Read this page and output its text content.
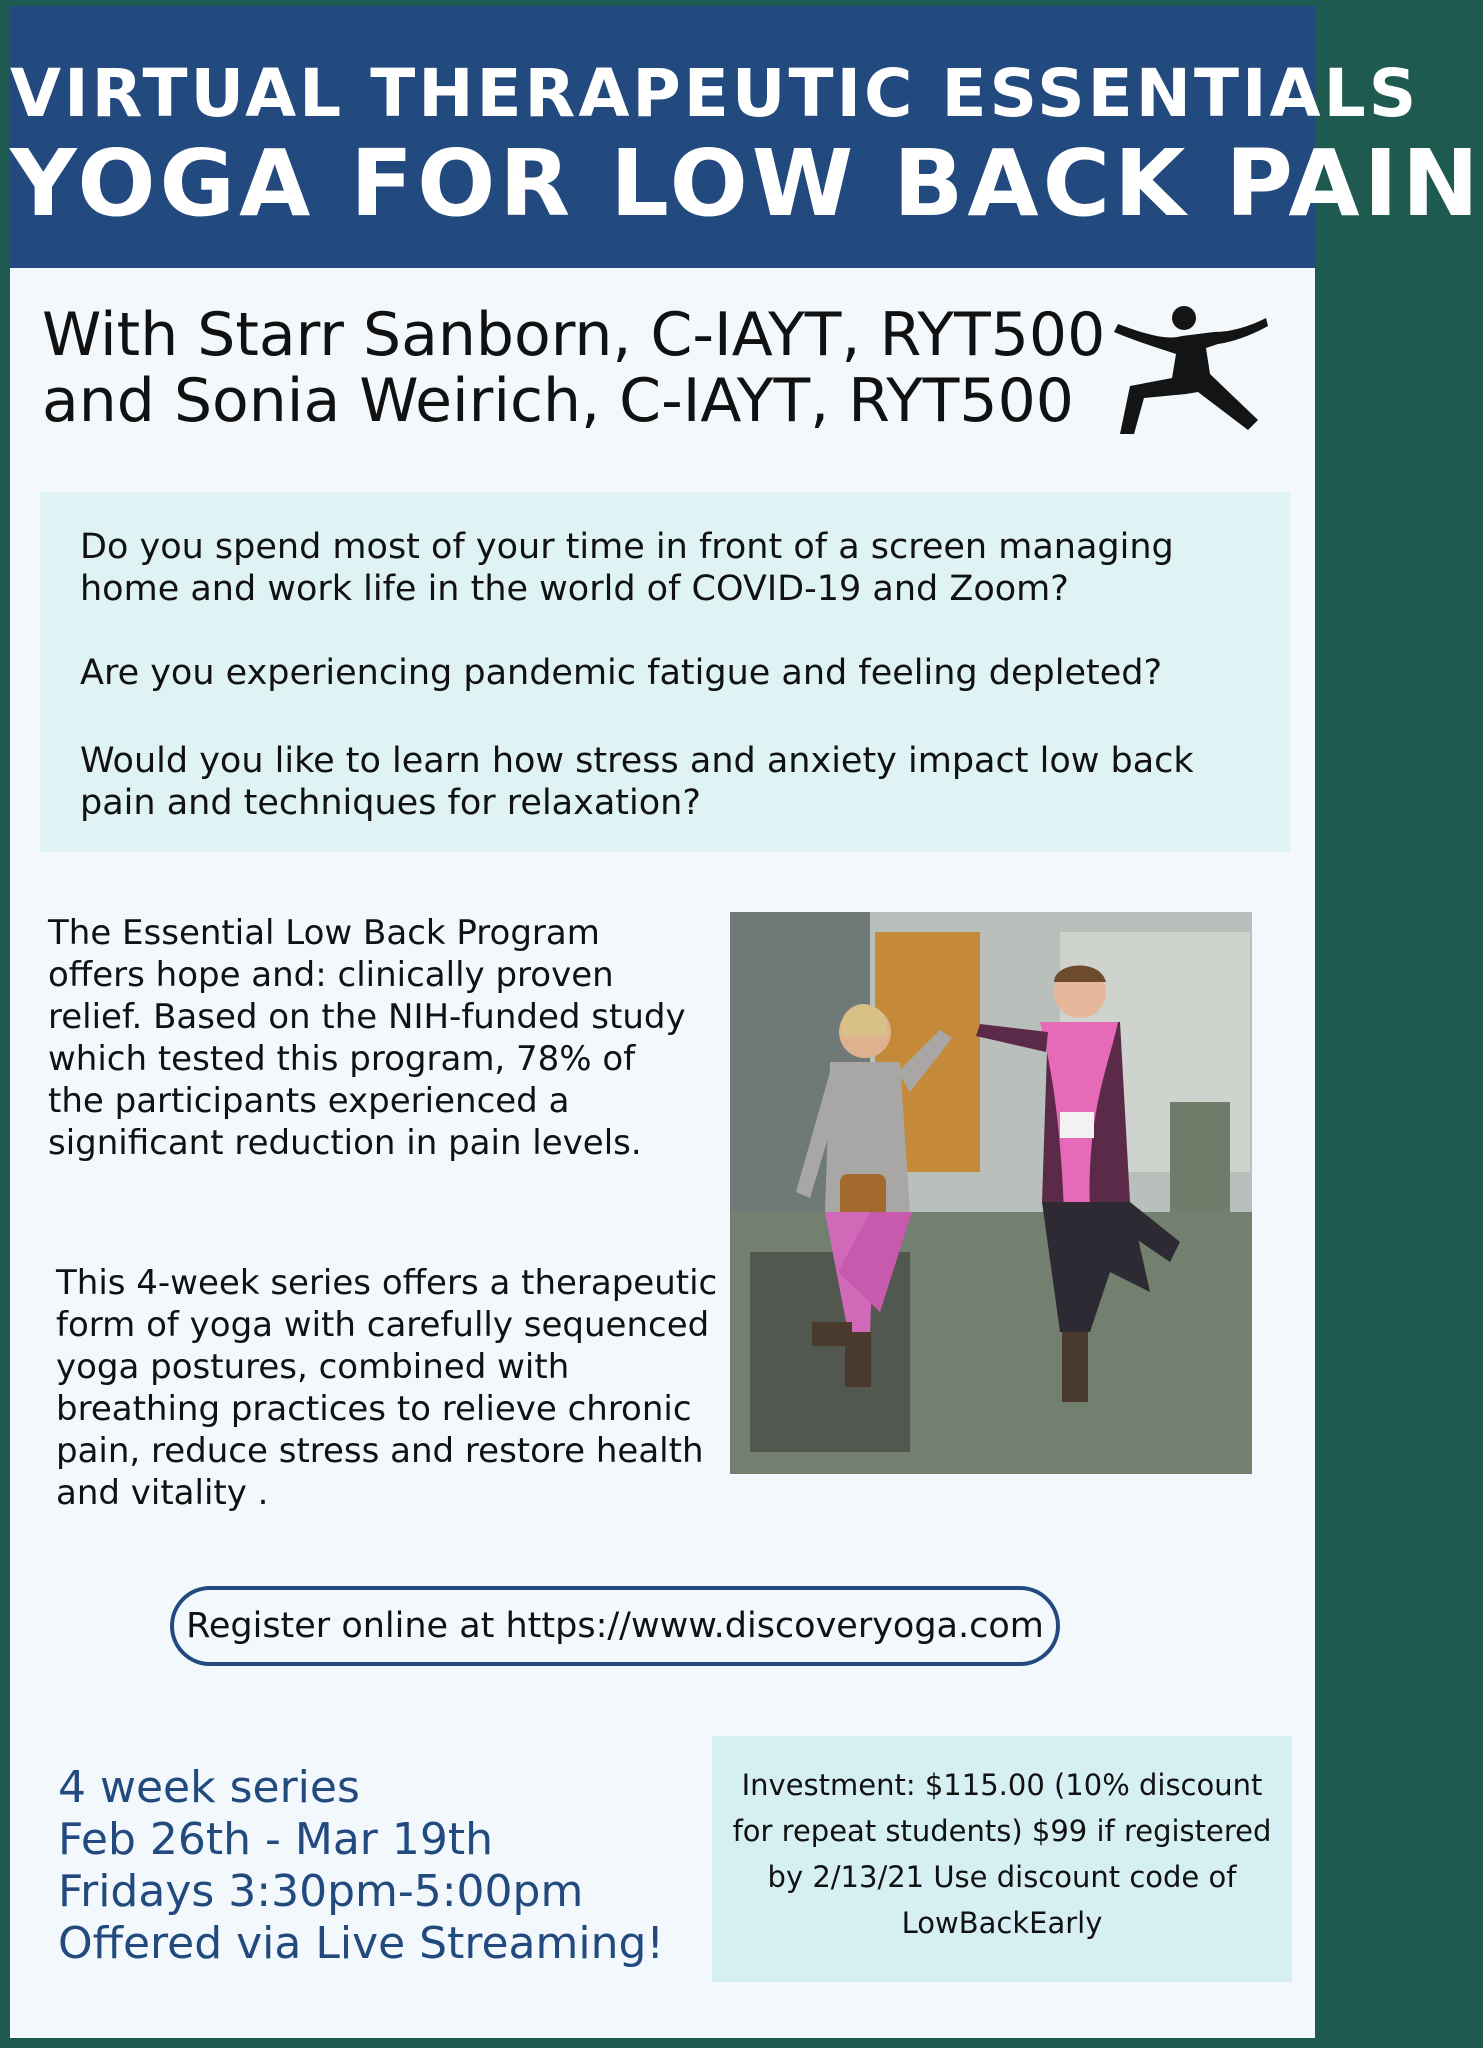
VIRTUAL THERAPEUTIC ESSENTIALS
YOGA FOR LOW BACK PAIN
With Starr Sanborn, C-IAYT, RYT500
and Sonia Weirich, C-IAYT, RYT500
Do you spend most of your time in front of a screen managing home and work life in the world of COVID-19 and Zoom?
Are you experiencing pandemic fatigue and feeling depleted?
Would you like to learn how stress and anxiety impact low back pain and techniques for relaxation?
The Essential Low Back Program offers hope and: clinically proven relief. Based on the NIH-funded study which tested this program, 78% of the participants experienced a significant reduction in pain levels.
This 4-week series offers a therapeutic form of yoga with carefully sequenced yoga postures, combined with breathing practices to relieve chronic pain, reduce stress and restore health and vitality .
Register online at https://www.discoveryoga.com
4 week series
Feb 26th - Mar 19th
Fridays 3:30pm-5:00pm
Offered via Live Streaming!
Investment: $115.00 (10% discount for repeat students) $99 if registered by 2/13/21 Use discount code of LowBackEarly
